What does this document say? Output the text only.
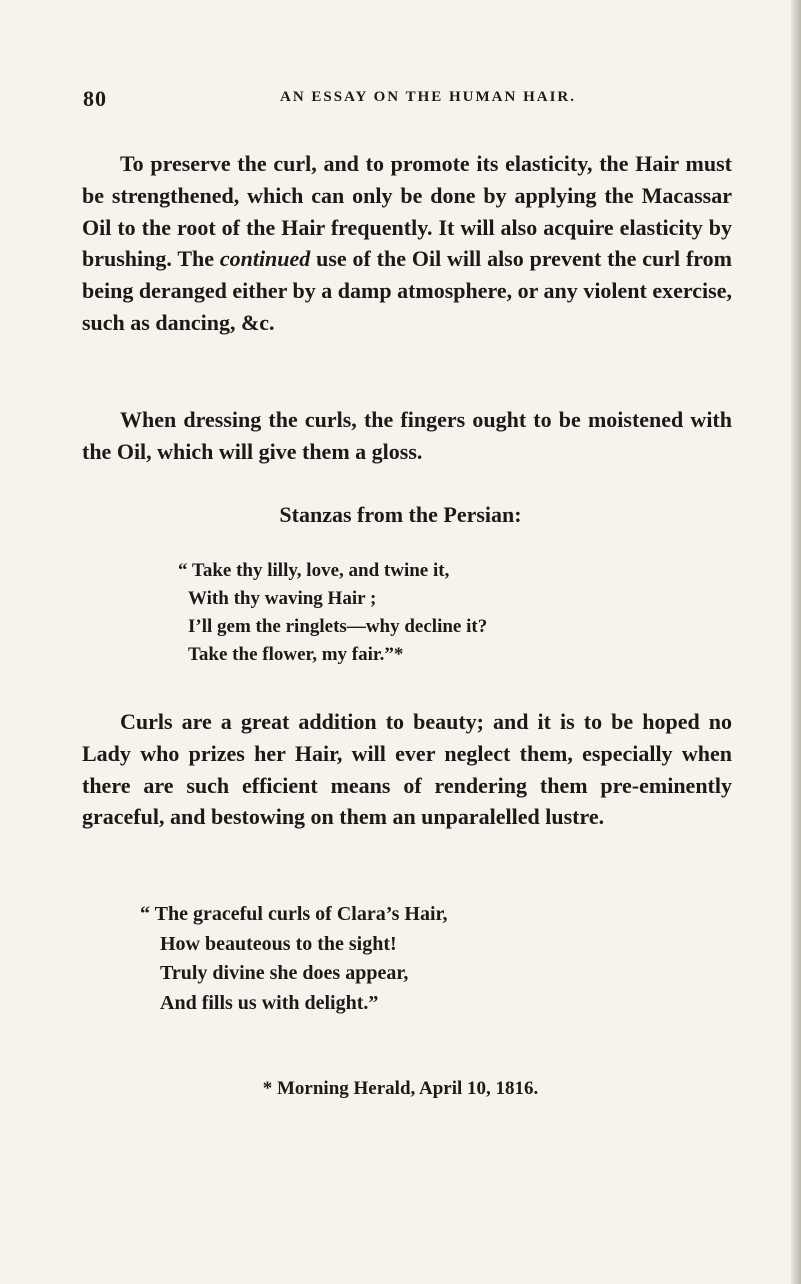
80	AN ESSAY ON THE HUMAN HAIR.

To preserve the curl, and to promote its elasticity, the Hair must be strengthened, which can only be done by applying the Macassar Oil to the root of the Hair frequently. It will also acquire elasticity by brushing. The continued use of the Oil will also prevent the curl from being deranged either by a damp atmosphere, or any violent exercise, such as dancing, &c.

When dressing the curls, the fingers ought to be moistened with the Oil, which will give them a gloss.

Stanzas from the Persian:
“ Take thy lilly, love, and twine it,
With thy waving Hair ;
I’ll gem the ringlets—why decline it?
Take the flower, my fair.”*

Curls are a great addition to beauty; and it is to be hoped no Lady who prizes her Hair, will ever neglect them, especially when there are such efficient means of rendering them pre-eminently graceful, and bestowing on them an unparalelled lustre.

“ The graceful curls of Clara’s Hair,
How beauteous to the sight!
Truly divine she does appear,
And fills us with delight.”
* Morning Herald, April 10, 1816.
